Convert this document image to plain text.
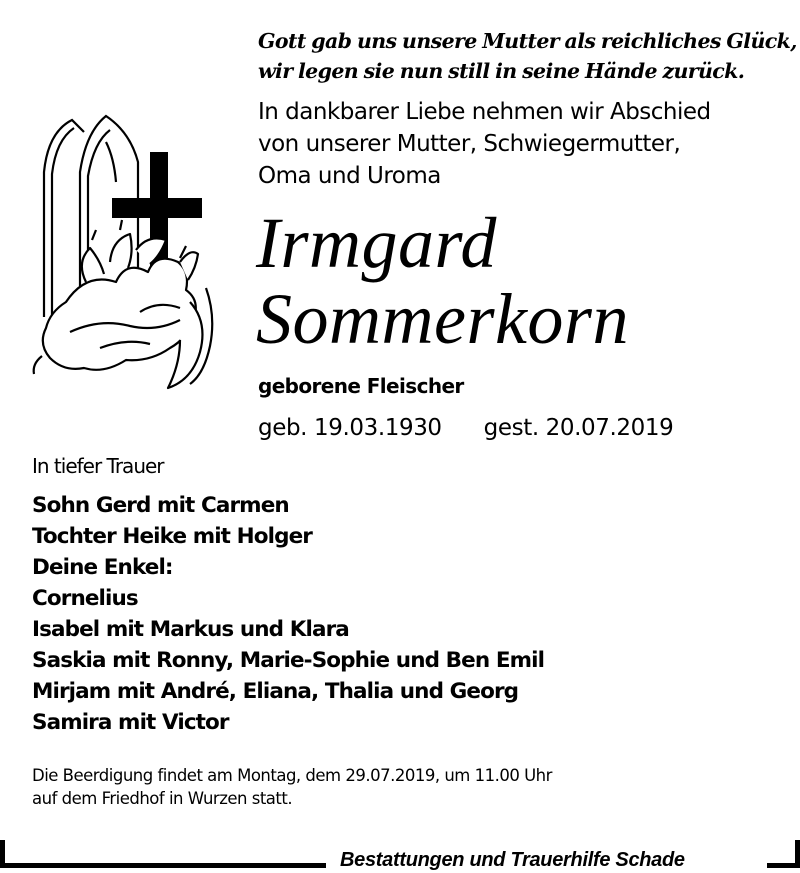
Gott gab uns unsere Mutter als reichliches Glück,
wir legen sie nun still in seine Hände zurück.
In dankbarer Liebe nehmen wir Abschied
von unserer Mutter, Schwiegermutter,
Oma und Uroma
Irmgard
Sommerkorn
geborene Fleischer
geb. 19.03.1930 gest. 20.07.2019
In tiefer Trauer
Sohn Gerd mit Carmen
Tochter Heike mit Holger
Deine Enkel:
Cornelius
Isabel mit Markus und Klara
Saskia mit Ronny, Marie-Sophie und Ben Emil
Mirjam mit André, Eliana, Thalia und Georg
Samira mit Victor
Die Beerdigung findet am Montag, dem 29.07.2019, um 11.00 Uhr
auf dem Friedhof in Wurzen statt.
Bestattungen und Trauerhilfe Schade
